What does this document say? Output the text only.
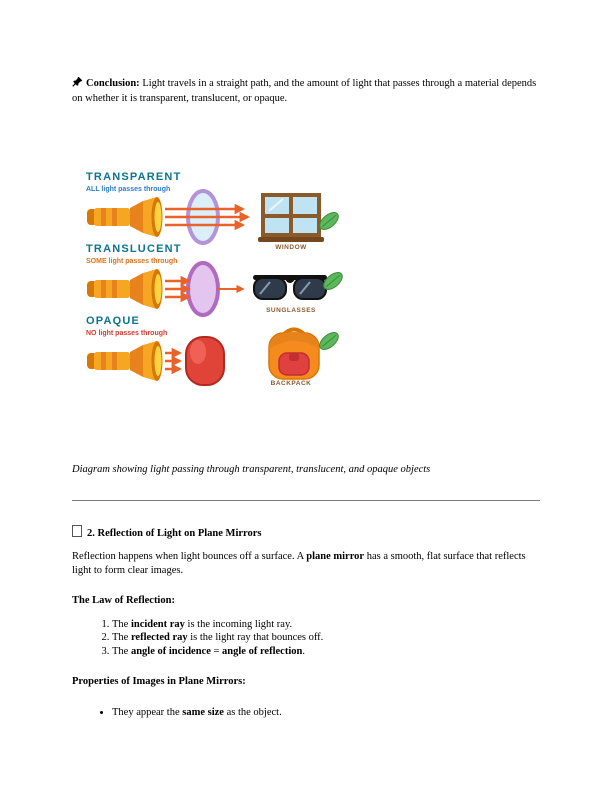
Conclusion: Light travels in a straight path, and the amount of light that passes through a material depends on whether it is transparent, translucent, or opaque.

TRANSPARENT
ALL light passes through
WINDOW
TRANSLUCENT
SOME light passes through
SUNGLASSES
OPAQUE
NO light passes through
BACKPACK

Diagram showing light passing through transparent, translucent, and opaque objects

2. Reflection of Light on Plane Mirrors

Reflection happens when light bounces off a surface. A plane mirror has a smooth, flat surface that reflects light to form clear images.

The Law of Reflection:

1. The incident ray is the incoming light ray.
2. The reflected ray is the light ray that bounces off.
3. The angle of incidence = angle of reflection.

Properties of Images in Plane Mirrors:

• They appear the same size as the object.
